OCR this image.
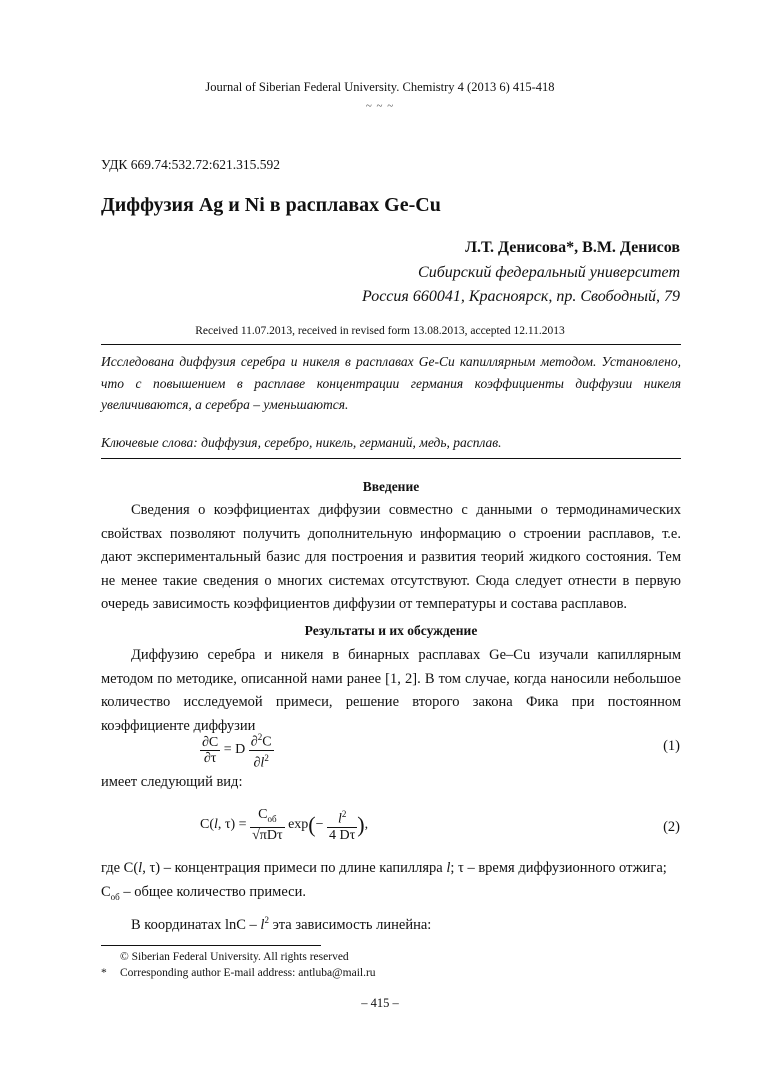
Journal of Siberian Federal University. Chemistry 4 (2013 6) 415-418
~ ~ ~
УДК 669.74:532.72:621.315.592
Диффузия Ag и Ni в расплавах Ge-Cu
Л.Т. Денисова*, В.М. Денисов
Сибирский федеральный университет
Россия 660041, Красноярск, пр. Свободный, 79
Received 11.07.2013, received in revised form 13.08.2013, accepted 12.11.2013
Исследована диффузия серебра и никеля в расплавах Ge-Cu капиллярным методом. Установлено, что с повышением в расплаве концентрации германия коэффициенты диффузии никеля увеличиваются, а серебра – уменьшаются.
Ключевые слова: диффузия, серебро, никель, германий, медь, расплав.
Введение

Сведения о коэффициентах диффузии совместно с данными о термодинамических свойствах позволяют получить дополнительную информацию о строении расплавов, т.е. дают экспериментальный базис для построения и развития теорий жидкого состояния. Тем не менее такие сведения о многих системах отсутствуют. Сюда следует отнести в первую очередь зависимость коэффициентов диффузии от температуры и состава расплавов.

Результаты и их обсуждение

Диффузию серебра и никеля в бинарных расплавах Ge–Cu изучали капиллярным методом по методике, описанной нами ранее [1, 2]. В том случае, когда наносили небольшое количество исследуемой примеси, решение второго закона Фика при постоянном коэффициенте диффузии

$\frac{\partial C}{\partial\tau} = D \frac{\partial^2C}{\partial l^2}$	(1)

имеет следующий вид:

C(l, $\tau) = \frac{C_{об}}{\text{√πDτ}} \exp(- \frac{l^2}{4 D\tau}$ ),	(2)

где C(l, τ) – концентрация примеси по длине капилляра l; τ – время диффузионного отжига;

$C_{об}$ – общее количество примеси.

В координатах lnC – $l^2$ эта зависимость линейна:

© Siberian Federal University. All rights reserved
* Corresponding author E-mail address: antluba@mail.ru
– 415 –
